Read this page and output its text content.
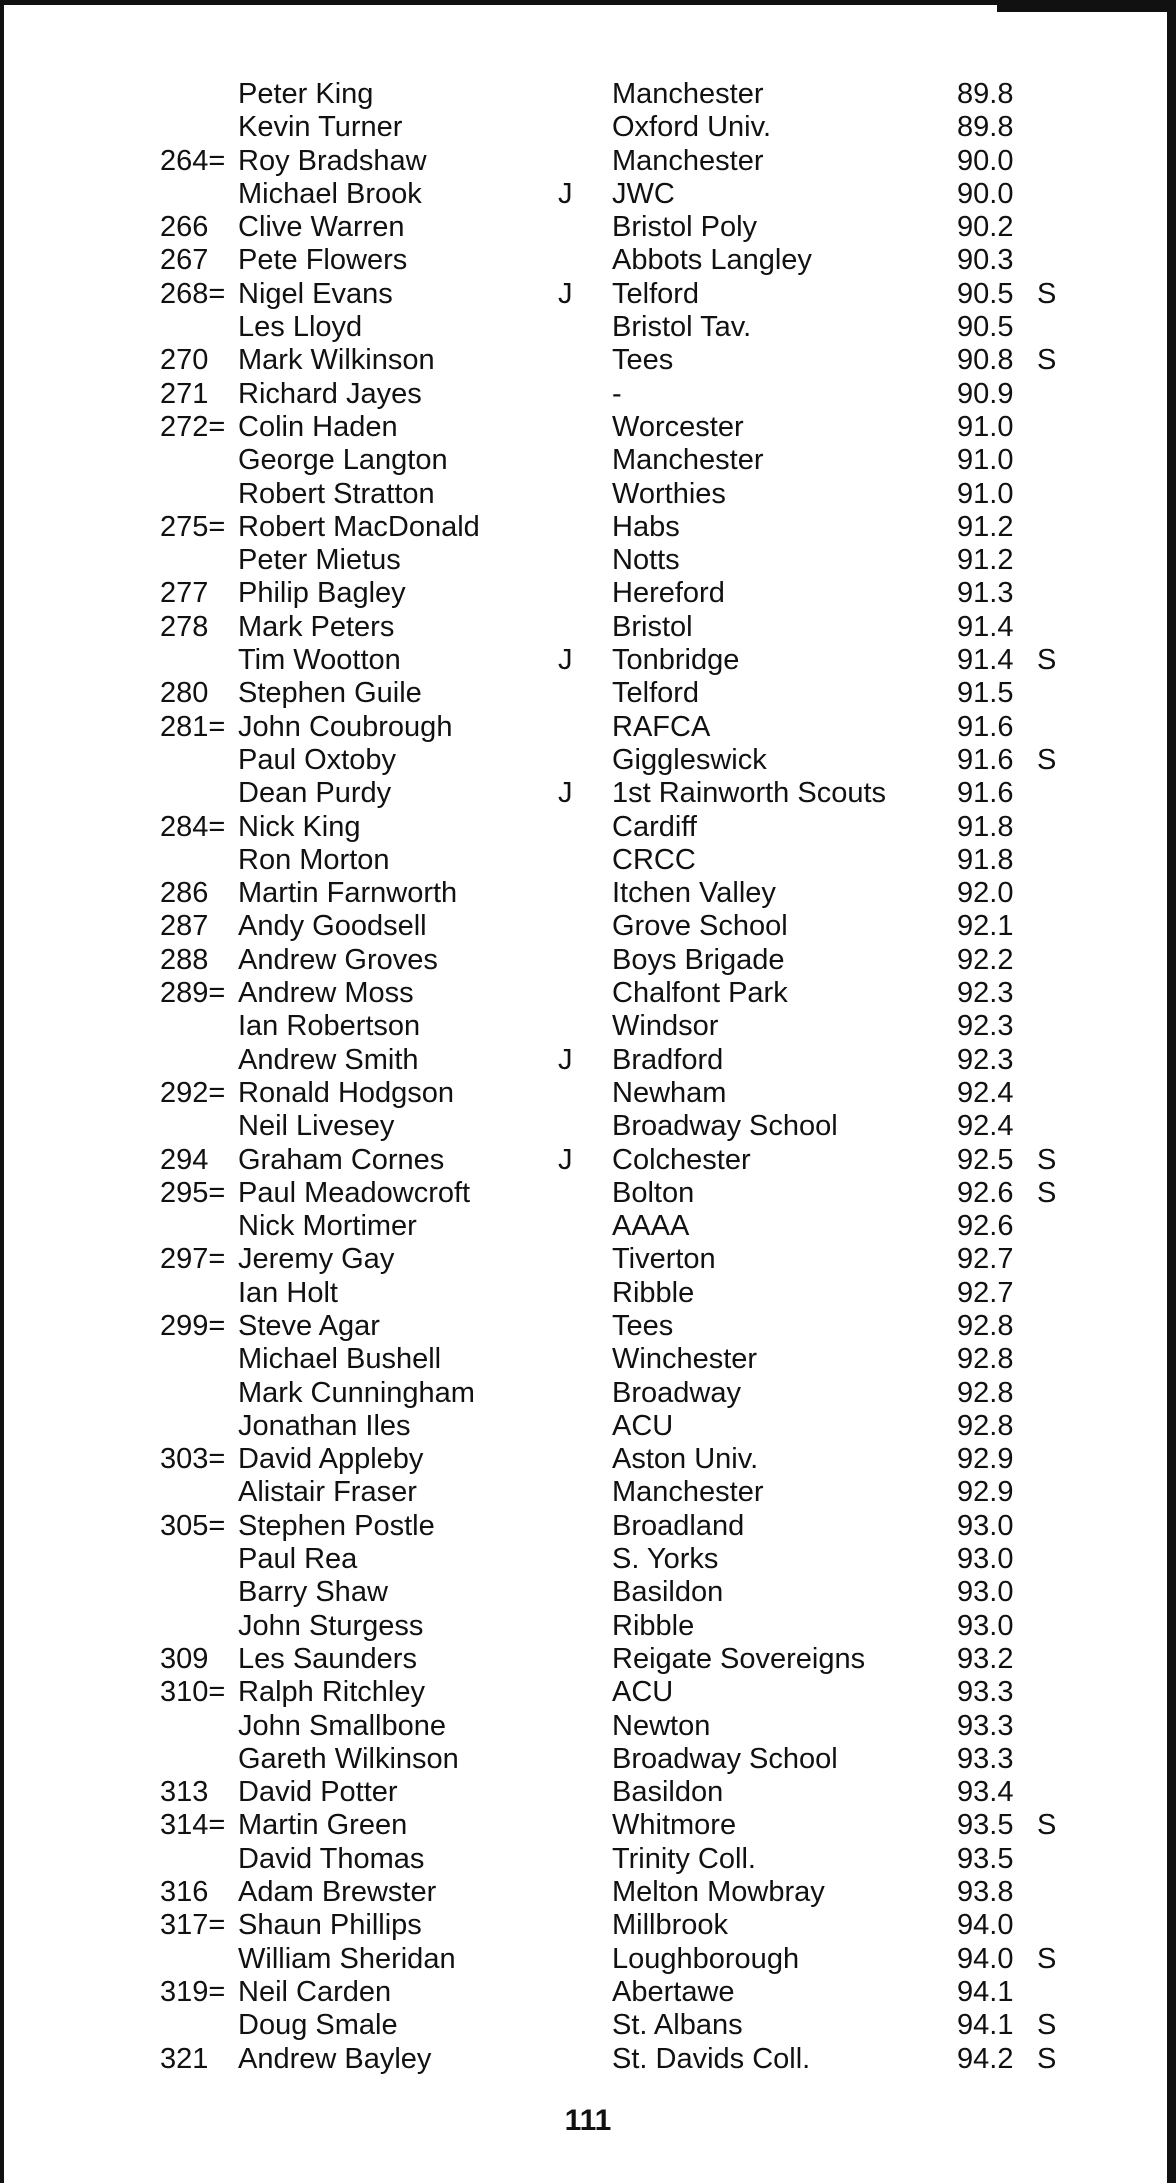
Peter King	Manchester	89.8
Kevin Turner	Oxford Univ.	89.8
264= Roy Bradshaw	Manchester	90.0
Michael Brook	J JWC	90.0
266 Clive Warren	Bristol Poly	90.2
267 Pete Flowers	Abbots Langley	90.3
268= Nigel Evans	J Telford	90.5 S
Les Lloyd	Bristol Tav.	90.5
270 Mark Wilkinson	Tees	90.8 S
271 Richard Jayes	-	90.9
272= Colin Haden	Worcester	91.0
George Langton	Manchester	91.0
Robert Stratton	Worthies	91.0
275= Robert MacDonald	Habs	91.2
Peter Mietus	Notts	91.2
277 Philip Bagley	Hereford	91.3
278 Mark Peters	Bristol	91.4
Tim Wootton	J Tonbridge	91.4 S
280 Stephen Guile	Telford	91.5
281= John Coubrough	RAFCA	91.6
Paul Oxtoby	Giggleswick	91.6 S
Dean Purdy	J 1st Rainworth Scouts 91.6
284= Nick King	Cardiff	91.8
Ron Morton	CRCC	91.8
286 Martin Farnworth	Itchen Valley	92.0
287 Andy Goodsell	Grove School	92.1
288 Andrew Groves	Boys Brigade	92.2
289= Andrew Moss	Chalfont Park	92.3
Ian Robertson	Windsor	92.3
Andrew Smith	J Bradford	92.3
292= Ronald Hodgson	Newham	92.4
Neil Livesey	Broadway School	92.4
294 Graham Cornes	J Colchester	92.5 S
295= Paul Meadowcroft	Bolton	92.6 S
Nick Mortimer	AAAA	92.6
297= Jeremy Gay	Tiverton	92.7
Ian Holt	Ribble	92.7
299= Steve Agar	Tees	92.8
Michael Bushell	Winchester	92.8
Mark Cunningham	Broadway	92.8
Jonathan Iles	ACU	92.8
303= David Appleby	Aston Univ.	92.9
Alistair Fraser	Manchester	92.9
305= Stephen Postle	Broadland	93.0
Paul Rea	S. Yorks	93.0
Barry Shaw	Basildon	93.0
John Sturgess	Ribble	93.0
309 Les Saunders	Reigate Sovereigns	93.2
310= Ralph Ritchley	ACU	93.3
John Smallbone	Newton	93.3
Gareth Wilkinson	Broadway School	93.3
313 David Potter	Basildon	93.4
314= Martin Green	Whitmore	93.5 S
David Thomas	Trinity Coll.	93.5
316 Adam Brewster	Melton Mowbray	93.8
317= Shaun Phillips	Millbrook	94.0
William Sheridan	Loughborough	94.0 S
319= Neil Carden	Abertawe	94.1
Doug Smale	St. Albans	94.1 S
321 Andrew Bayley	St. Davids Coll.	94.2 S
111
